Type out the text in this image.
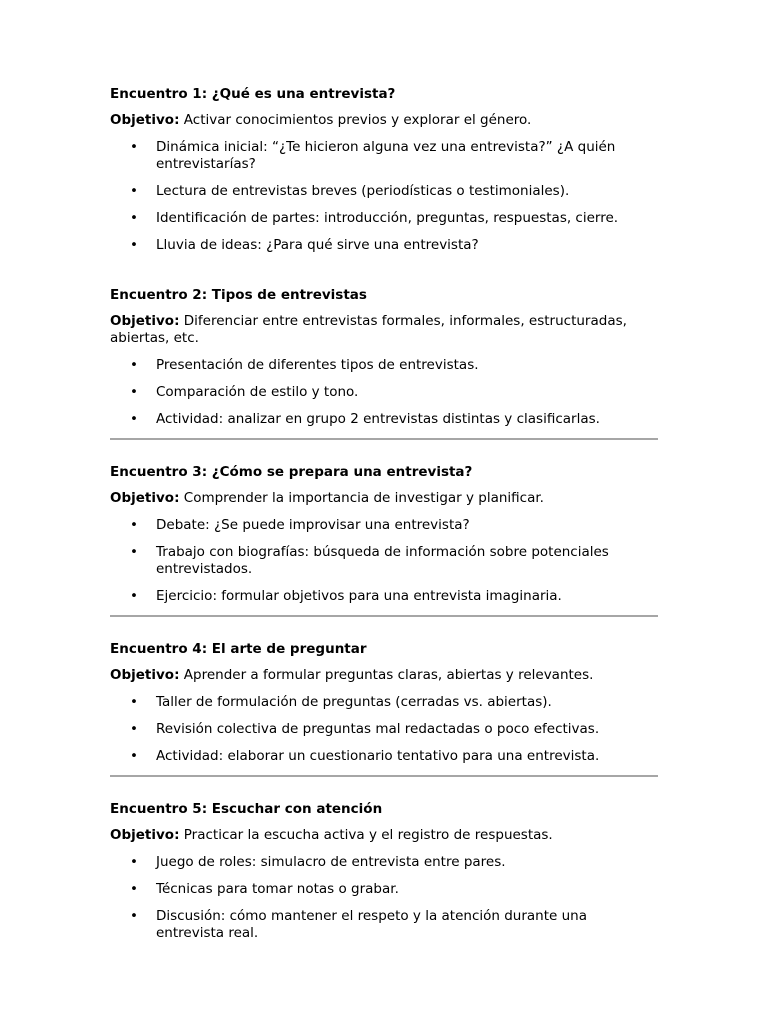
Encuentro 1: ¿Qué es una entrevista?
Objetivo: Activar conocimientos previos y explorar el género.
• Dinámica inicial: “¿Te hicieron alguna vez una entrevista?” ¿A quién entrevistarías?
• Lectura de entrevistas breves (periodísticas o testimoniales).
• Identificación de partes: introducción, preguntas, respuestas, cierre.
• Lluvia de ideas: ¿Para qué sirve una entrevista?
Encuentro 2: Tipos de entrevistas
Objetivo: Diferenciar entre entrevistas formales, informales, estructuradas, abiertas, etc.
• Presentación de diferentes tipos de entrevistas.
• Comparación de estilo y tono.
• Actividad: analizar en grupo 2 entrevistas distintas y clasificarlas.
Encuentro 3: ¿Cómo se prepara una entrevista?
Objetivo: Comprender la importancia de investigar y planificar.
• Debate: ¿Se puede improvisar una entrevista?
• Trabajo con biografías: búsqueda de información sobre potenciales entrevistados.
• Ejercicio: formular objetivos para una entrevista imaginaria.
Encuentro 4: El arte de preguntar
Objetivo: Aprender a formular preguntas claras, abiertas y relevantes.
• Taller de formulación de preguntas (cerradas vs. abiertas).
• Revisión colectiva de preguntas mal redactadas o poco efectivas.
• Actividad: elaborar un cuestionario tentativo para una entrevista.
Encuentro 5: Escuchar con atención
Objetivo: Practicar la escucha activa y el registro de respuestas.
• Juego de roles: simulacro de entrevista entre pares.
• Técnicas para tomar notas o grabar.
• Discusión: cómo mantener el respeto y la atención durante una entrevista real.
